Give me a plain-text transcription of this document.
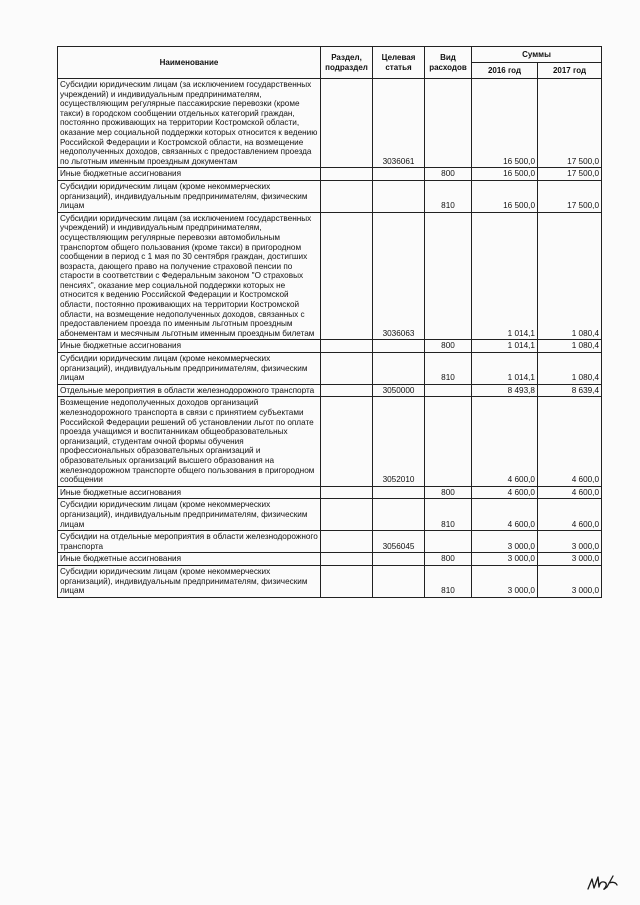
Наименование	Раздел, подраздел	Целевая статья	Вид расходов	Суммы	
				2016 год	2017 год
Субсидии юридическим лицам (за исключением государственных учреждений) и индивидуальным предпринимателям, осуществляющим регулярные пассажирские перевозки (кроме такси) в городском сообщении отдельных категорий граждан, постоянно проживающих на территории Костромской области, оказание мер социальной поддержки которых относится к ведению Российской Федерации и Костромской области, на возмещение недополученных доходов, связанных с предоставлением проезда по льготным именным проездным документам		3036061		16 500,0	17 500,0
Иные бюджетные ассигнования			800	16 500,0	17 500,0
Субсидии юридическим лицам (кроме некоммерческих организаций), индивидуальным предпринимателям, физическим лицам			810	16 500,0	17 500,0
Субсидии юридическим лицам (за исключением государственных учреждений) и индивидуальным предпринимателям, осуществляющим регулярные перевозки автомобильным транспортом общего пользования (кроме такси) в пригородном сообщении в период с 1 мая по 30 сентября граждан, достигших возраста, дающего право на получение страховой пенсии по старости в соответствии с Федеральным законом "О страховых пенсиях", оказание мер социальной поддержки которых не относится к ведению Российской Федерации и Костромской области, постоянно проживающих на территории Костромской области, на возмещение недополученных доходов, связанных с предоставлением проезда по именным льготным проездным абонементам и месячным льготным именным проездным билетам		3036063		1 014,1	1 080,4
Иные бюджетные ассигнования			800	1 014,1	1 080,4
Субсидии юридическим лицам (кроме некоммерческих организаций), индивидуальным предпринимателям, физическим лицам			810	1 014,1	1 080,4
Отдельные мероприятия в области железнодорожного транспорта		3050000		8 493,8	8 639,4
Возмещение недополученных доходов организаций железнодорожного транспорта в связи с принятием субъектами Российской Федерации решений об установлении льгот по оплате проезда учащимся и воспитанникам общеобразовательных организаций, студентам очной формы обучения профессиональных образовательных организаций и образовательных организаций высшего образования на железнодорожном транспорте общего пользования в пригородном сообщении		3052010		4 600,0	4 600,0
Иные бюджетные ассигнования			800	4 600,0	4 600,0
Субсидии юридическим лицам (кроме некоммерческих организаций), индивидуальным предпринимателям, физическим лицам			810	4 600,0	4 600,0
Субсидии на отдельные мероприятия в области железнодорожного транспорта		3056045		3 000,0	3 000,0
Иные бюджетные ассигнования			800	3 000,0	3 000,0
Субсидии юридическим лицам (кроме некоммерческих организаций), индивидуальным предпринимателям, физическим лицам			810	3 000,0	3 000,0
